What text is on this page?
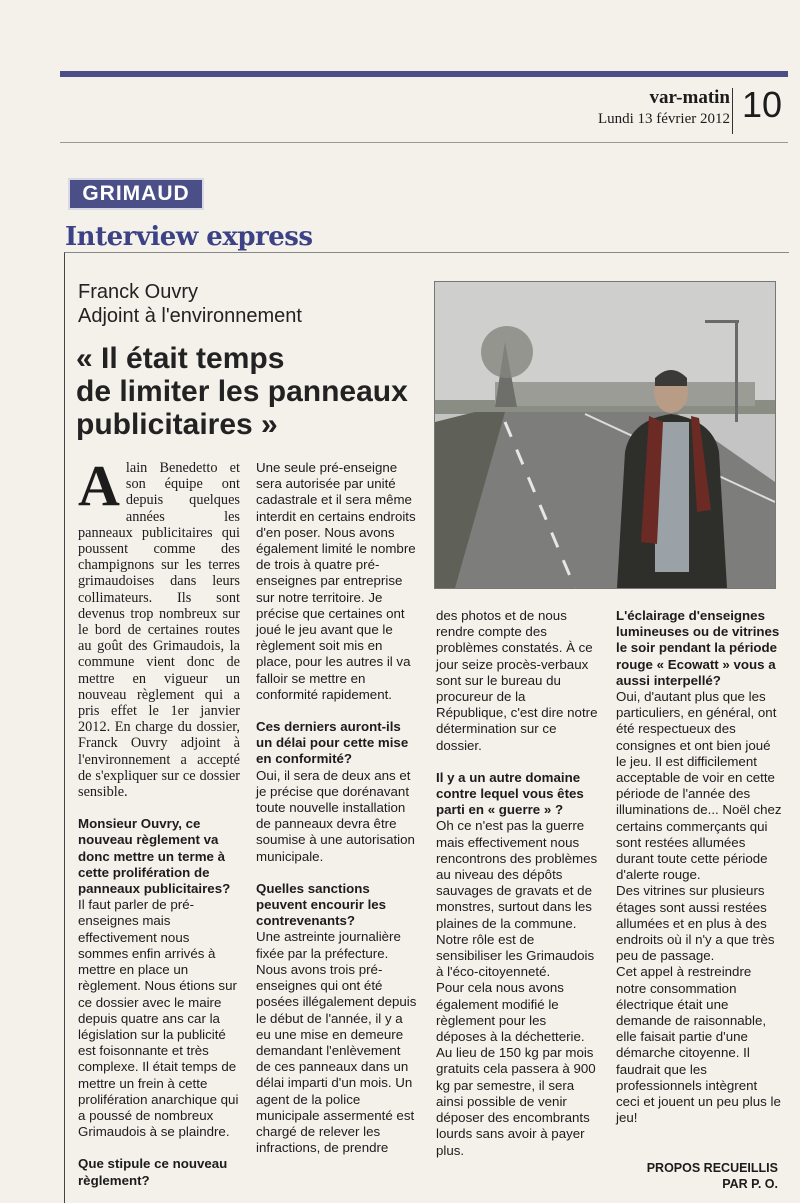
var-matin
Lundi 13 février 2012 10
GRIMAUD
Interview express
Franck Ouvry
Adjoint à l'environnement
« Il était temps
de limiter les panneaux
publicitaires »
A lain Benedetto et son équipe ont depuis quelques années les panneaux publicitaires qui poussent comme des champignons sur les terres grimaudoises dans leurs collimateurs. Ils sont devenus trop nombreux sur le bord de certaines routes au goût des Grimaudois, la commune vient donc de mettre en vigueur un nouveau règlement qui a pris effet le 1er janvier 2012. En charge du dossier, Franck Ouvry adjoint à l'environnement a accepté de s'expliquer sur ce dossier sensible.

Monsieur Ouvry, ce nouveau règlement va donc mettre un terme à cette prolifération de panneaux publicitaires?

Il faut parler de pré-enseignes mais effectivement nous sommes enfin arrivés à mettre en place un règlement. Nous étions sur ce dossier avec le maire depuis quatre ans car la législation sur la publicité est foisonnante et très complexe. Il était temps de mettre un frein à cette prolifération anarchique qui a poussé de nombreux Grimaudois à se plaindre.

Que stipule ce nouveau règlement?

Une seule pré-enseigne sera autorisée par unité cadastrale et il sera même interdit en certains endroits d'en poser. Nous avons également limité le nombre de trois à quatre pré-enseignes par entreprise sur notre territoire. Je précise que certaines ont joué le jeu avant que le règlement soit mis en place, pour les autres il va falloir se mettre en conformité rapidement.

Ces derniers auront-ils un délai pour cette mise en conformité?

Oui, il sera de deux ans et je précise que dorénavant toute nouvelle installation de panneaux devra être soumise à une autorisation municipale.

Quelles sanctions peuvent encourir les contrevenants?

Une astreinte journalière fixée par la préfecture. Nous avons trois pré-enseignes qui ont été posées illégalement depuis le début de l'année, il y a eu une mise en demeure demandant l'enlèvement de ces panneaux dans un délai imparti d'un mois. Un agent de la police municipale assermenté est chargé de relever les infractions, de prendre

des photos et de nous rendre compte des problèmes constatés. À ce jour seize procès-verbaux sont sur le bureau du procureur de la République, c'est dire notre détermination sur ce dossier.

Il y a un autre domaine contre lequel vous êtes parti en « guerre » ?

Oh ce n'est pas la guerre mais effectivement nous rencontrons des problèmes au niveau des dépôts sauvages de gravats et de monstres, surtout dans les plaines de la commune.

Notre rôle est de sensibiliser les Grimaudois à l'éco-citoyenneté.

Pour cela nous avons également modifié le règlement pour les déposes à la déchetterie. Au lieu de 150 kg par mois gratuits cela passera à 900 kg par semestre, il sera ainsi possible de venir déposer des encombrants lourds sans avoir à payer plus.

L'éclairage d'enseignes lumineuses ou de vitrines le soir pendant la période rouge « Ecowatt » vous a aussi interpellé?

Oui, d'autant plus que les particuliers, en général, ont été respectueux des consignes et ont bien joué le jeu. Il est difficilement acceptable de voir en cette période de l'année des illuminations de... Noël chez certains commerçants qui sont restées allumées durant toute cette période d'alerte rouge.

Des vitrines sur plusieurs étages sont aussi restées allumées et en plus à des endroits où il n'y a que très peu de passage.

Cet appel à restreindre notre consommation électrique était une demande de raisonnable, elle faisait partie d'une démarche citoyenne. Il faudrait que les professionnels intègrent ceci et jouent un peu plus le jeu!

PROPOS RECUEILLIS
PAR P. O.
